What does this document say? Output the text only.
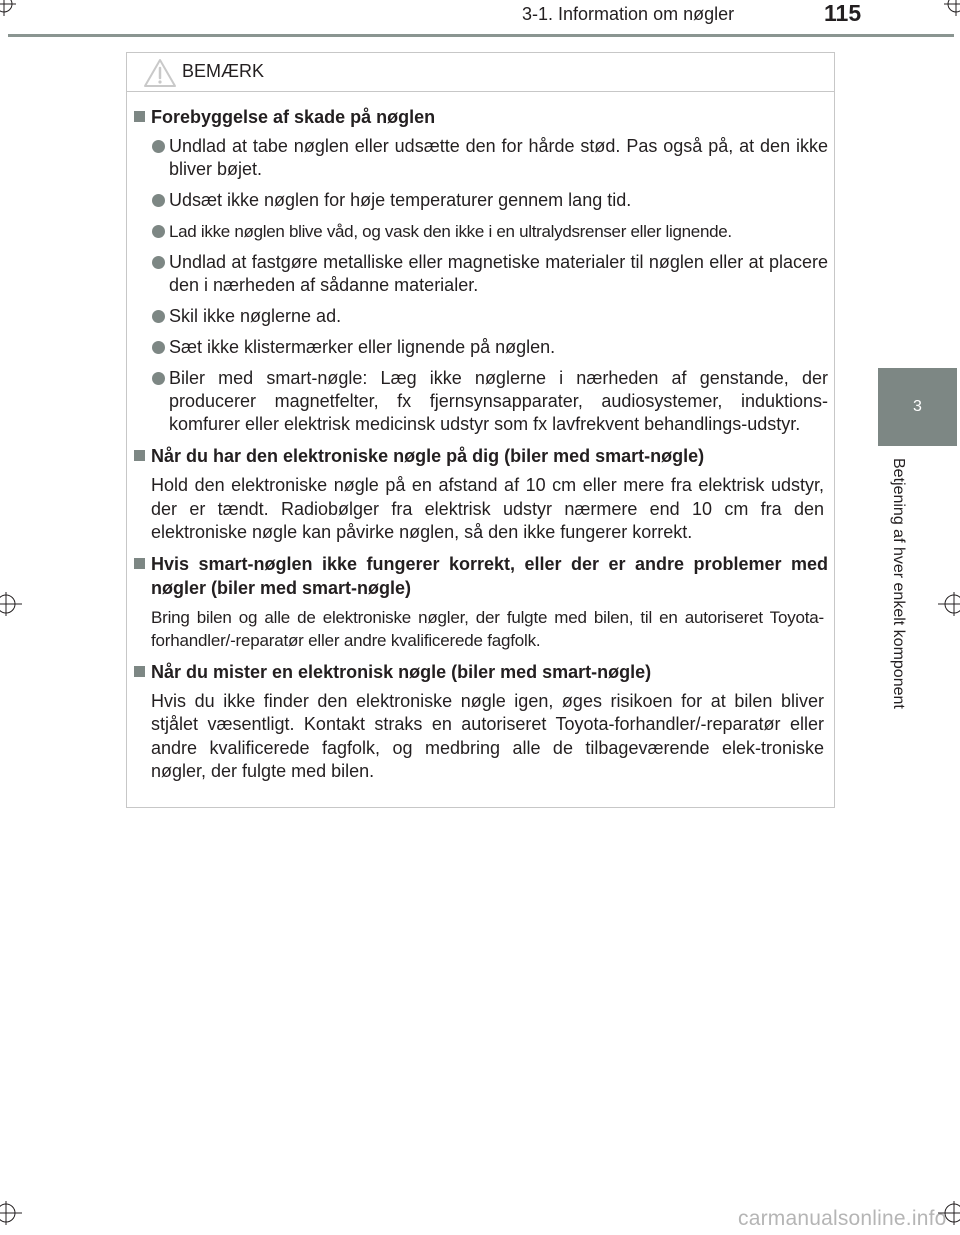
3-1. Information om nøgler	115
3
Betjening af hver enkelt komponent
BEMÆRK
Forebyggelse af skade på nøglen
Undlad at tabe nøglen eller udsætte den for hårde stød. Pas også på, at den ikke bliver bøjet.
Udsæt ikke nøglen for høje temperaturer gennem lang tid.
Lad ikke nøglen blive våd, og vask den ikke i en ultralydsrenser eller lignende.
Undlad at fastgøre metalliske eller magnetiske materialer til nøglen eller at placere den i nærheden af sådanne materialer.
Skil ikke nøglerne ad.
Sæt ikke klistermærker eller lignende på nøglen.
Biler med smart-nøgle: Læg ikke nøglerne i nærheden af genstande, der producerer magnetfelter, fx fjernsynsapparater, audiosystemer, induktions-komfurer eller elektrisk medicinsk udstyr som fx lavfrekvent behandlings-udstyr.
Når du har den elektroniske nøgle på dig (biler med smart-nøgle)
Hold den elektroniske nøgle på en afstand af 10 cm eller mere fra elektrisk udstyr, der er tændt. Radiobølger fra elektrisk udstyr nærmere end 10 cm fra den elektroniske nøgle kan påvirke nøglen, så den ikke fungerer korrekt.
Hvis smart-nøglen ikke fungerer korrekt, eller der er andre problemer med nøgler (biler med smart-nøgle)
Bring bilen og alle de elektroniske nøgler, der fulgte med bilen, til en autoriseret Toyota-forhandler/-reparatør eller andre kvalificerede fagfolk.
Når du mister en elektronisk nøgle (biler med smart-nøgle)
Hvis du ikke finder den elektroniske nøgle igen, øges risikoen for at bilen bliver stjålet væsentligt. Kontakt straks en autoriseret Toyota-forhandler/-reparatør eller andre kvalificerede fagfolk, og medbring alle de tilbageværende elek-troniske nøgler, der fulgte med bilen.
carmanualsonline.info
